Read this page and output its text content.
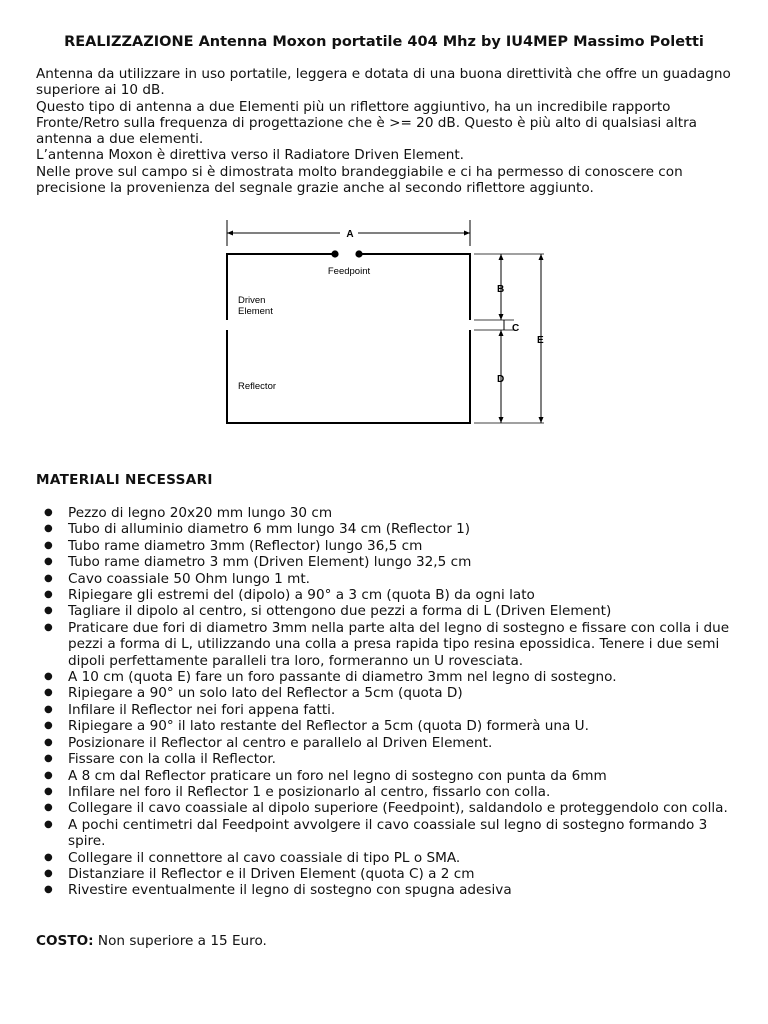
REALIZZAZIONE Antenna Moxon portatile 404 Mhz by IU4MEP Massimo Poletti

Antenna da utilizzare in uso portatile, leggera e dotata di una buona direttività che offre un guadagno superiore ai 10 dB.

Questo tipo di antenna a due Elementi più un riflettore aggiuntivo, ha un incredibile rapporto Fronte/Retro sulla frequenza di progettazione che è >= 20 dB. Questo è più alto di qualsiasi altra antenna a due elementi.

L’antenna Moxon è direttiva verso il Radiatore Driven Element.

Nelle prove sul campo si è dimostrata molto brandeggiabile e ci ha permesso di conoscere con precisione la provenienza del segnale grazie anche al secondo riflettore aggiunto.

A
Feedpoint
Driven
Element
Reflector
B
C
D
E
MATERIALI NECESSARI
● Pezzo di legno 20x20 mm lungo 30 cm
● Tubo di alluminio diametro 6 mm lungo 34 cm (Reflector 1)
● Tubo rame diametro 3mm (Reflector) lungo 36,5 cm
● Tubo rame diametro 3 mm (Driven Element) lungo 32,5 cm
● Cavo coassiale 50 Ohm lungo 1 mt.
● Ripiegare gli estremi del (dipolo) a 90° a 3 cm (quota B) da ogni lato
● Tagliare il dipolo al centro, si ottengono due pezzi a forma di L (Driven Element)
● Praticare due fori di diametro 3mm nella parte alta del legno di sostegno e fissare con colla i due pezzi a forma di L, utilizzando una colla a presa rapida tipo resina epossidica. Tenere i due semi dipoli perfettamente paralleli tra loro, formeranno un U rovesciata.
● A 10 cm (quota E) fare un foro passante di diametro 3mm nel legno di sostegno.
● Ripiegare a 90° un solo lato del Reflector a 5cm (quota D)
● Infilare il Reflector nei fori appena fatti.
● Ripiegare a 90° il lato restante del Reflector a 5cm (quota D) formerà una U.
● Posizionare il Reflector al centro e parallelo al Driven Element.
● Fissare con la colla il Reflector.
● A 8 cm dal Reflector praticare un foro nel legno di sostegno con punta da 6mm
● Infilare nel foro il Reflector 1 e posizionarlo al centro, fissarlo con colla.
● Collegare il cavo coassiale al dipolo superiore (Feedpoint), saldandolo e proteggendolo con colla.
● A pochi centimetri dal Feedpoint avvolgere il cavo coassiale sul legno di sostegno formando 3 spire.
● Collegare il connettore al cavo coassiale di tipo PL o SMA.
● Distanziare il Reflector e il Driven Element (quota C) a 2 cm
● Rivestire eventualmente il legno di sostegno con spugna adesiva
COSTO: Non superiore a 15 Euro.
